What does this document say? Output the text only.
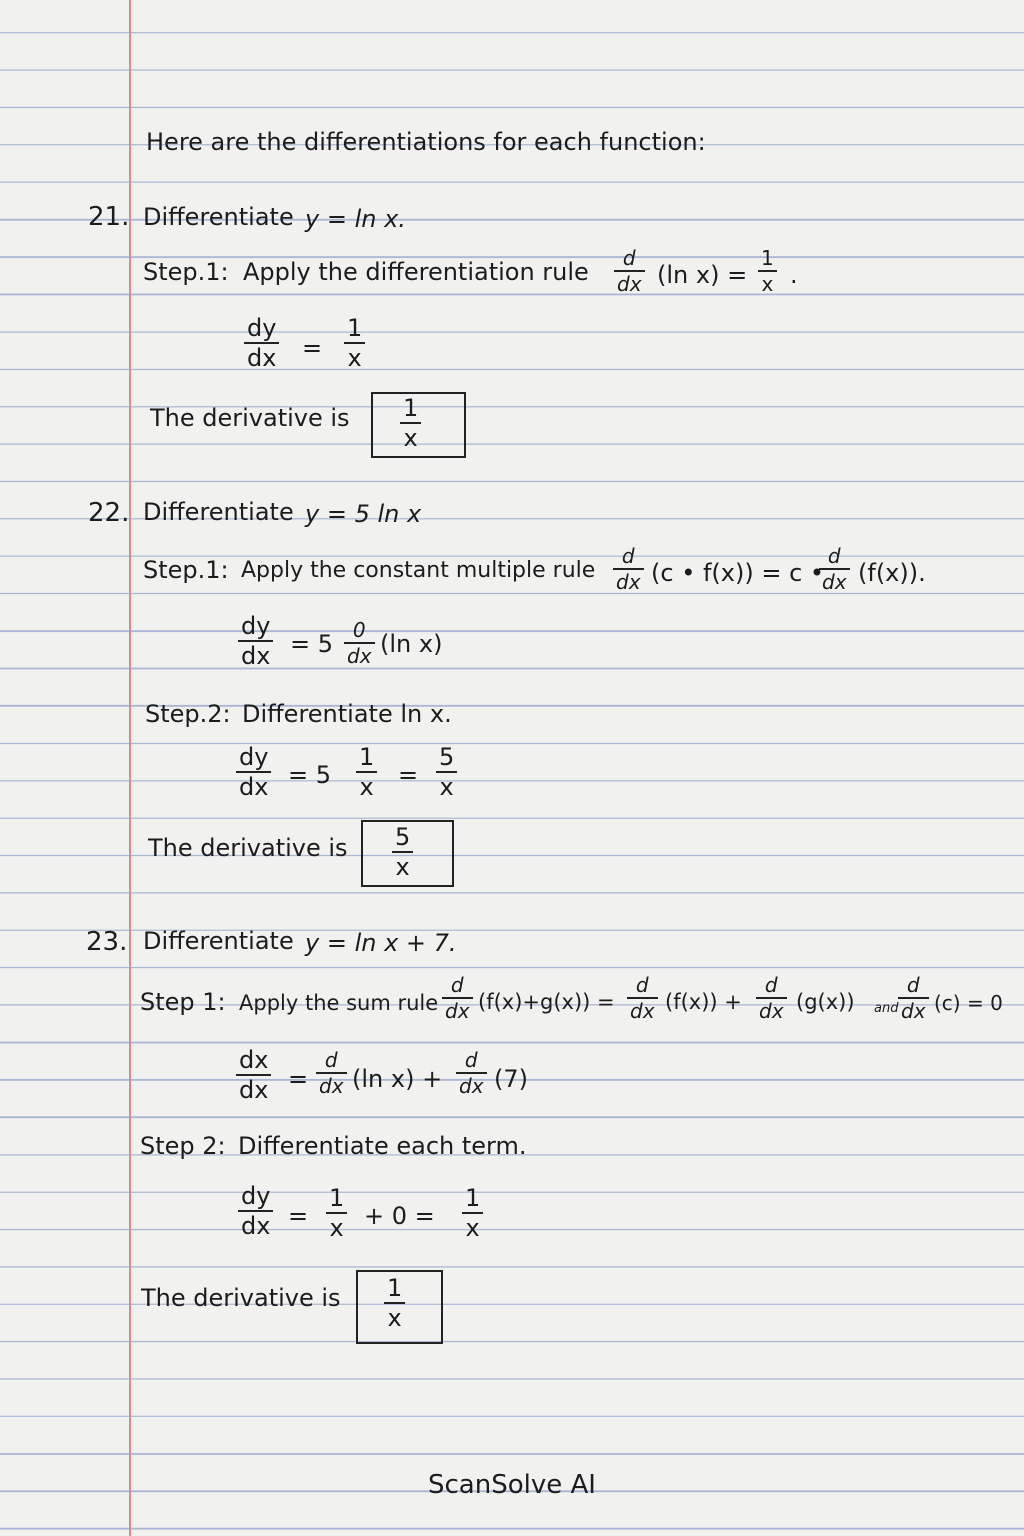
Here are the differentiations for each function:
21. Differentiate y = ln x.
Step.1: Apply the differentiation rule d
dx (ln x) =
1
x .
dy
dx =
1
x
The derivative is 1
x
22. Differentiate y = 5 ln x
Step.1: Apply the constant multiple rule
d
dx (c • f(x)) = c •
d
dx (f(x)).
dy
dx = 5 0
dx (ln x)
Step.2: Differentiate ln x.
dy
dx = 5
1
x =
5
x
The derivative is 5
x
23. Differentiate y = ln x + 7.
Step 1: Apply the sum rule
d
dx (f(x)+g(x)) =
d
dx (f(x)) +
d
dx (g(x)) and
d
dx (c) = 0
dx
dx =
d
dx (ln x) +
d
dx (7)
Step 2: Differentiate each term.
dy
dx =
1
x + 0 =
1
x
The derivative is 1
x
ScanSolve AI
